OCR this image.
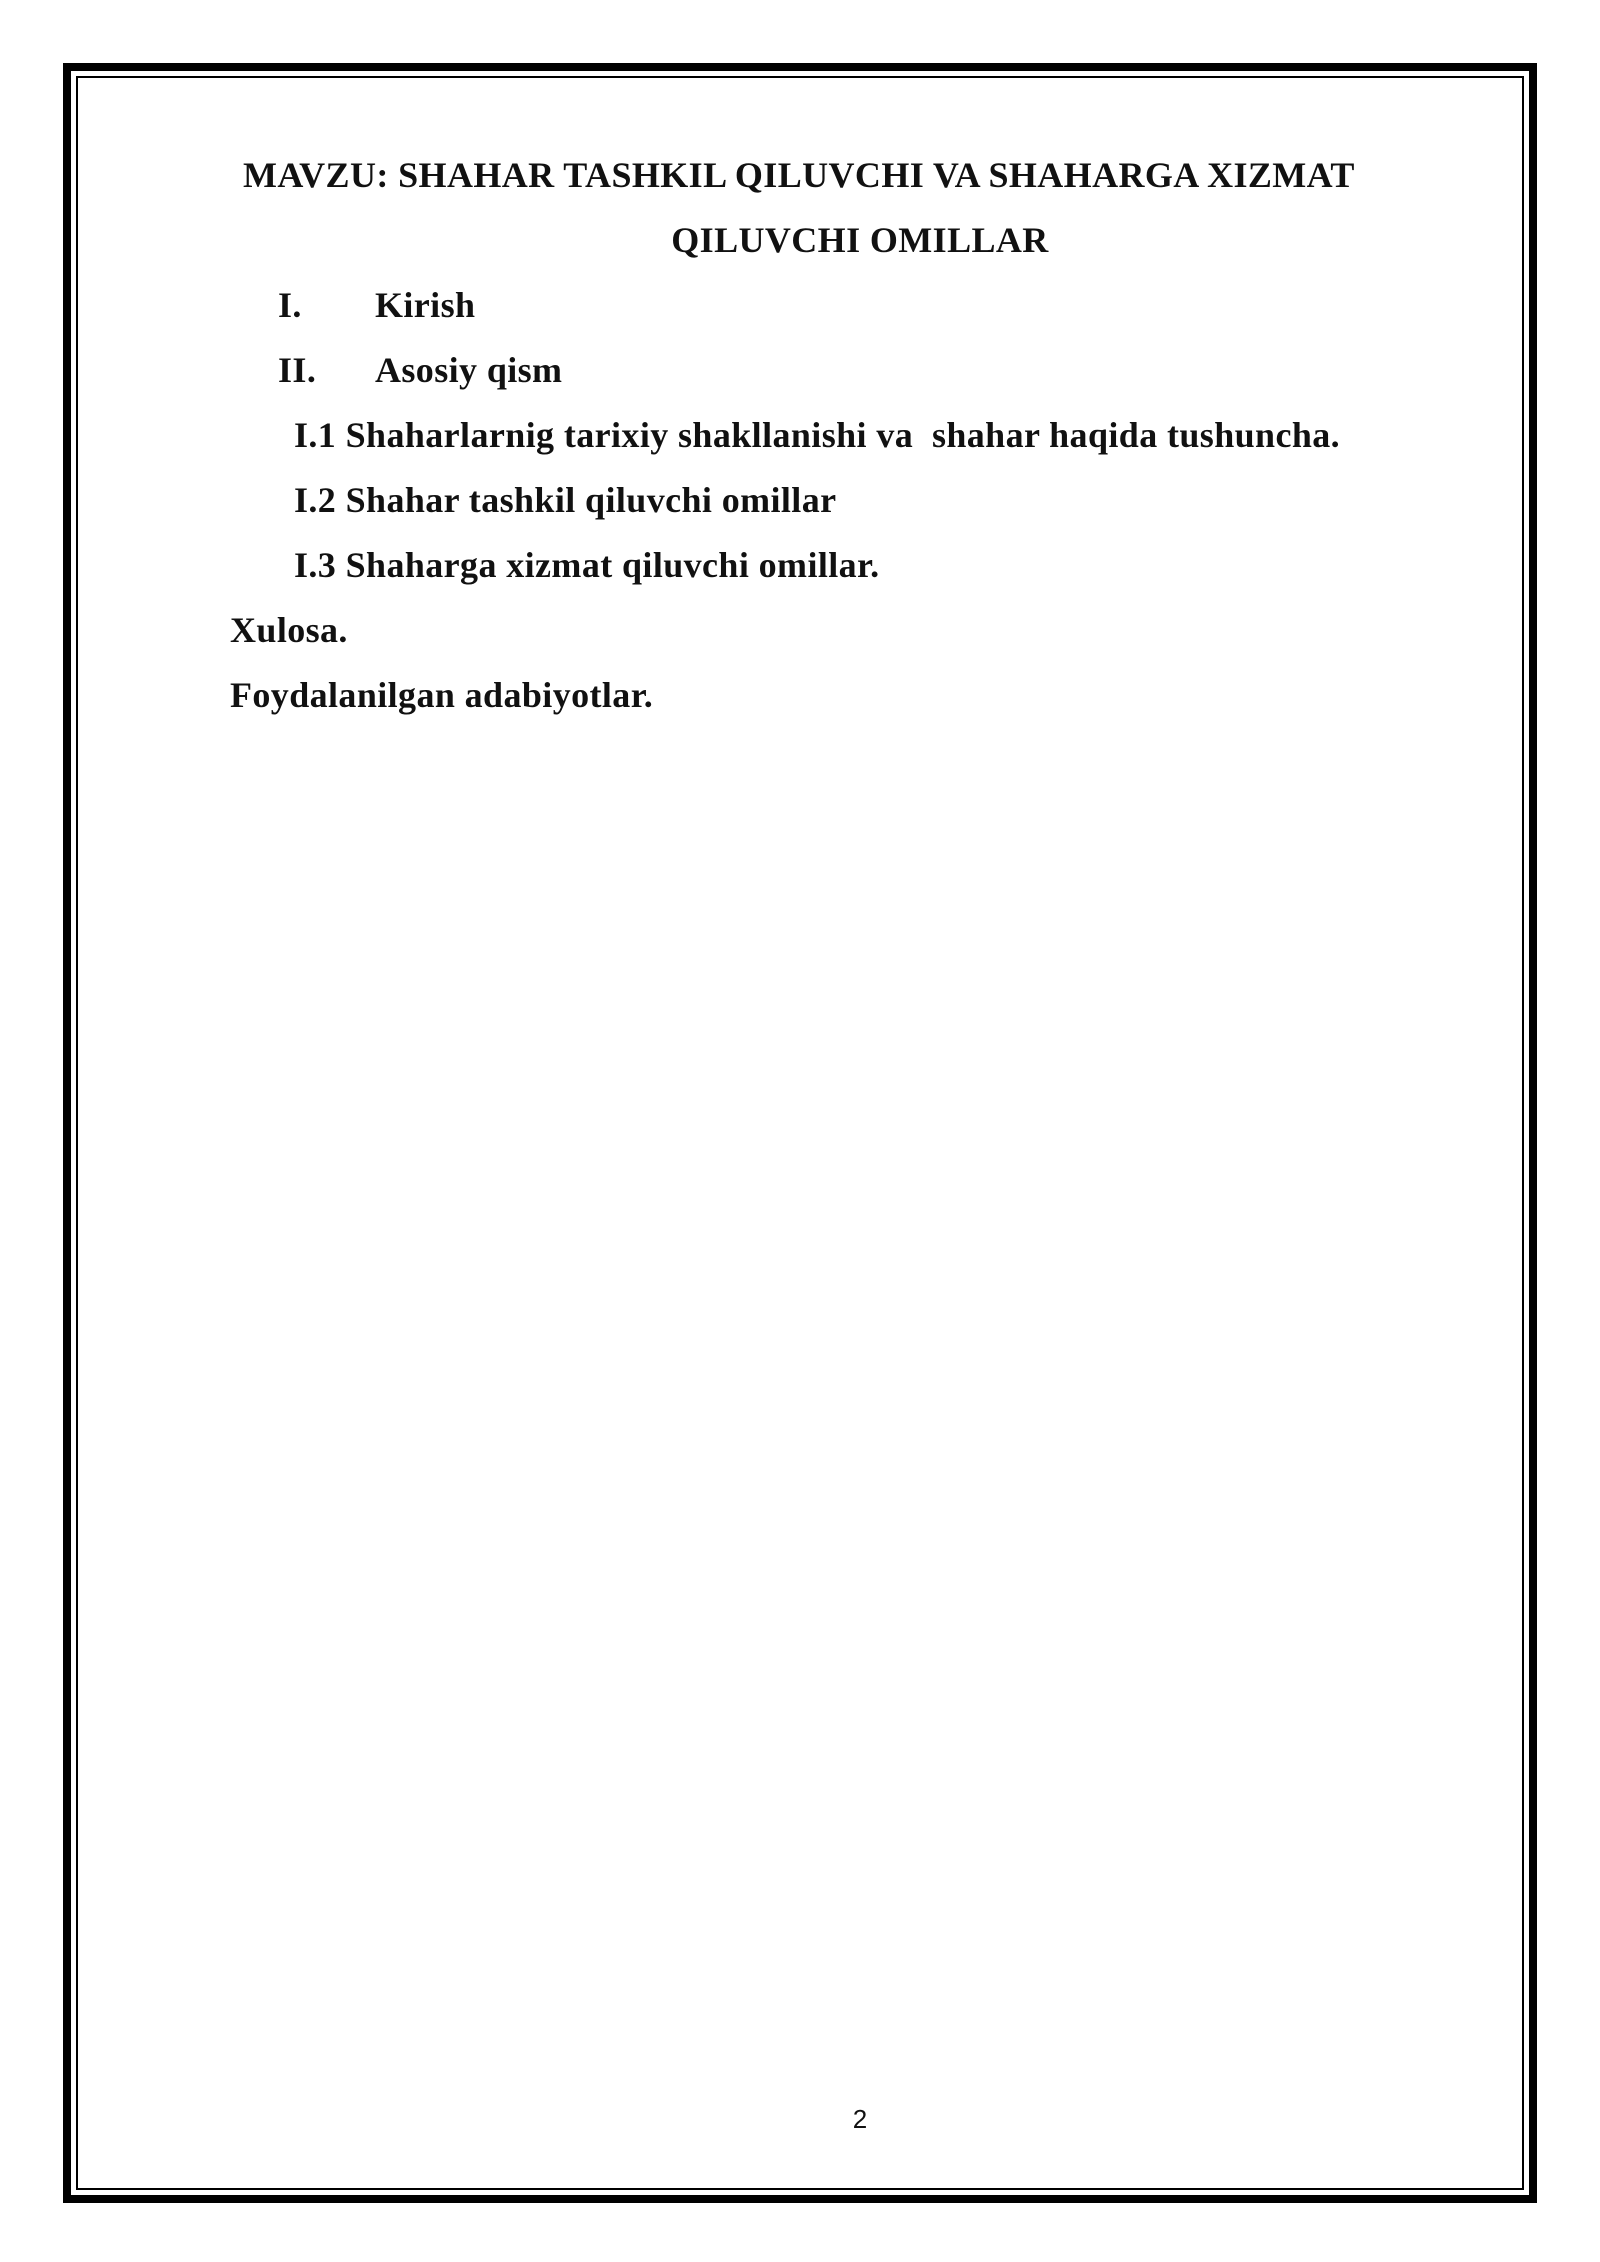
MAVZU: SHAHAR TASHKIL QILUVCHI VA SHAHARGA XIZMAT
QILUVCHI OMILLAR
I. Kirish
II. Asosiy qism
I.1 Shaharlarnig tarixiy shakllanishi va  shahar haqida tushuncha.
I.2 Shahar tashkil qiluvchi omillar
I.3 Shaharga xizmat qiluvchi omillar.
Xulosa.
Foydalanilgan adabiyotlar.
2
